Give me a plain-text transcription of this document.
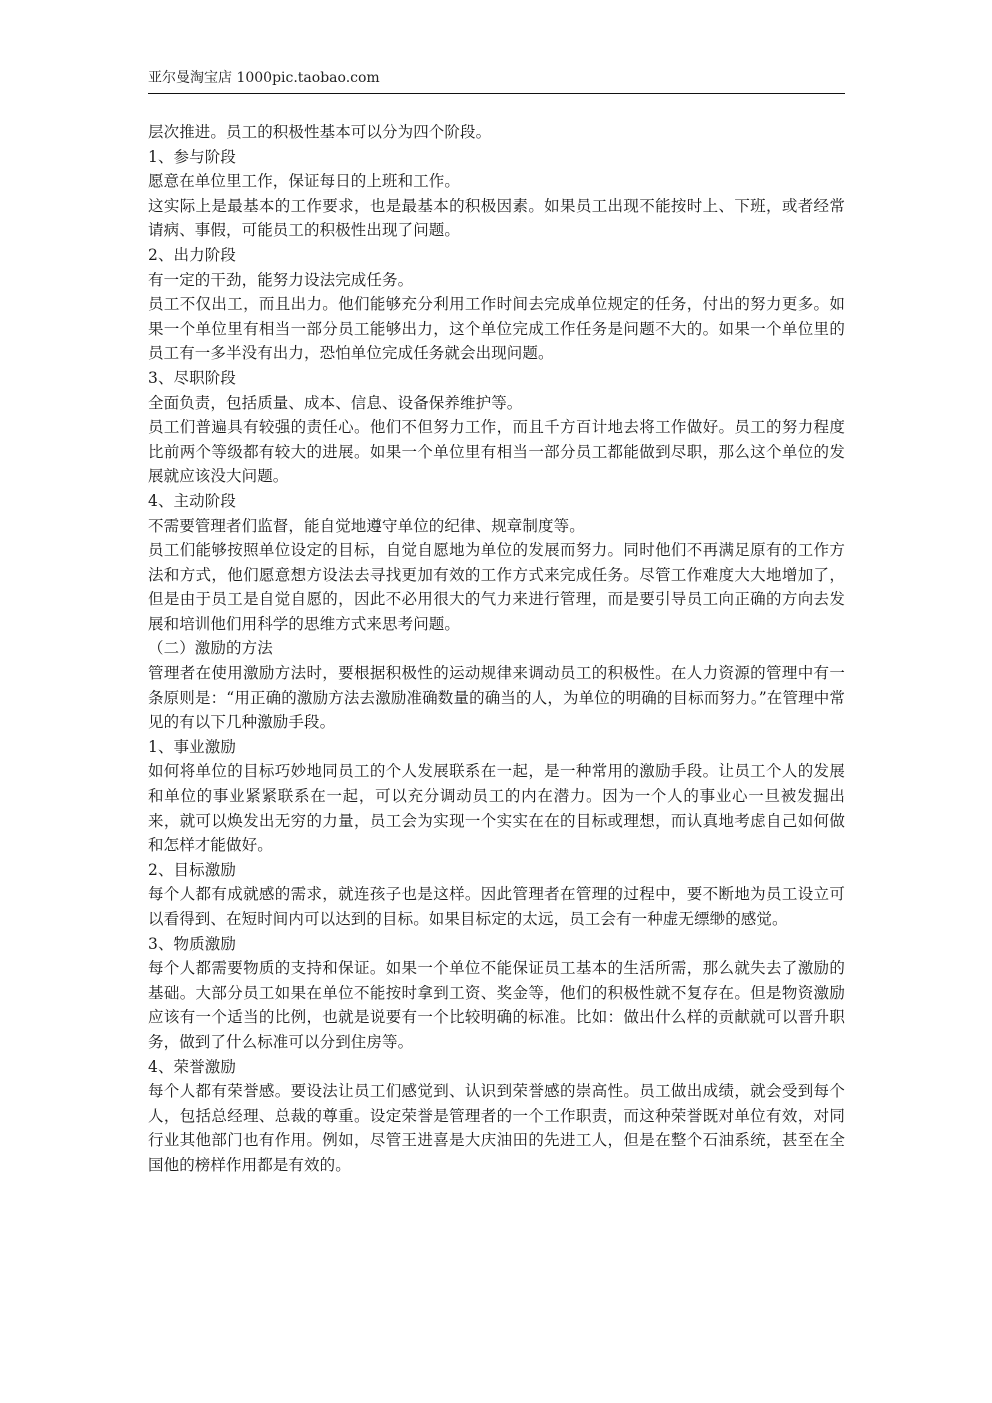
亚尔曼淘宝店 1000pic.taobao.com

层次推进。员工的积极性基本可以分为四个阶段。

1、参与阶段

愿意在单位里工作，保证每日的上班和工作。

这实际上是最基本的工作要求，也是最基本的积极因素。如果员工出现不能按时上、下班，或者经常请病、事假，可能员工的积极性出现了问题。

2、出力阶段

有一定的干劲，能努力设法完成任务。

员工不仅出工，而且出力。他们能够充分利用工作时间去完成单位规定的任务，付出的努力更多。如果一个单位里有相当一部分员工能够出力，这个单位完成工作任务是问题不大的。如果一个单位里的员工有一多半没有出力，恐怕单位完成任务就会出现问题。

3、尽职阶段

全面负责，包括质量、成本、信息、设备保养维护等。

员工们普遍具有较强的责任心。他们不但努力工作，而且千方百计地去将工作做好。员工的努力程度比前两个等级都有较大的进展。如果一个单位里有相当一部分员工都能做到尽职，那么这个单位的发展就应该没大问题。

4、主动阶段

不需要管理者们监督，能自觉地遵守单位的纪律、规章制度等。

员工们能够按照单位设定的目标，自觉自愿地为单位的发展而努力。同时他们不再满足原有的工作方法和方式，他们愿意想方设法去寻找更加有效的工作方式来完成任务。尽管工作难度大大地增加了，但是由于员工是自觉自愿的，因此不必用很大的气力来进行管理，而是要引导员工向正确的方向去发展和培训他们用科学的思维方式来思考问题。

（二）激励的方法

管理者在使用激励方法时，要根据积极性的运动规律来调动员工的积极性。在人力资源的管理中有一条原则是：“用正确的激励方法去激励准确数量的确当的人，为单位的明确的目标而努力。”在管理中常见的有以下几种激励手段。

1、事业激励

如何将单位的目标巧妙地同员工的个人发展联系在一起，是一种常用的激励手段。让员工个人的发展和单位的事业紧紧联系在一起，可以充分调动员工的内在潜力。因为一个人的事业心一旦被发掘出来，就可以焕发出无穷的力量，员工会为实现一个实实在在的目标或理想，而认真地考虑自己如何做和怎样才能做好。

2、目标激励

每个人都有成就感的需求，就连孩子也是这样。因此管理者在管理的过程中，要不断地为员工设立可以看得到、在短时间内可以达到的目标。如果目标定的太远，员工会有一种虚无缥缈的感觉。

3、物质激励

每个人都需要物质的支持和保证。如果一个单位不能保证员工基本的生活所需，那么就失去了激励的基础。大部分员工如果在单位不能按时拿到工资、奖金等，他们的积极性就不复存在。但是物资激励应该有一个适当的比例，也就是说要有一个比较明确的标准。比如：做出什么样的贡献就可以晋升职务，做到了什么标准可以分到住房等。

4、荣誉激励

每个人都有荣誉感。要设法让员工们感觉到、认识到荣誉感的崇高性。员工做出成绩，就会受到每个人，包括总经理、总裁的尊重。设定荣誉是管理者的一个工作职责，而这种荣誉既对单位有效，对同行业其他部门也有作用。例如，尽管王进喜是大庆油田的先进工人，但是在整个石油系统，甚至在全国他的榜样作用都是有效的。
